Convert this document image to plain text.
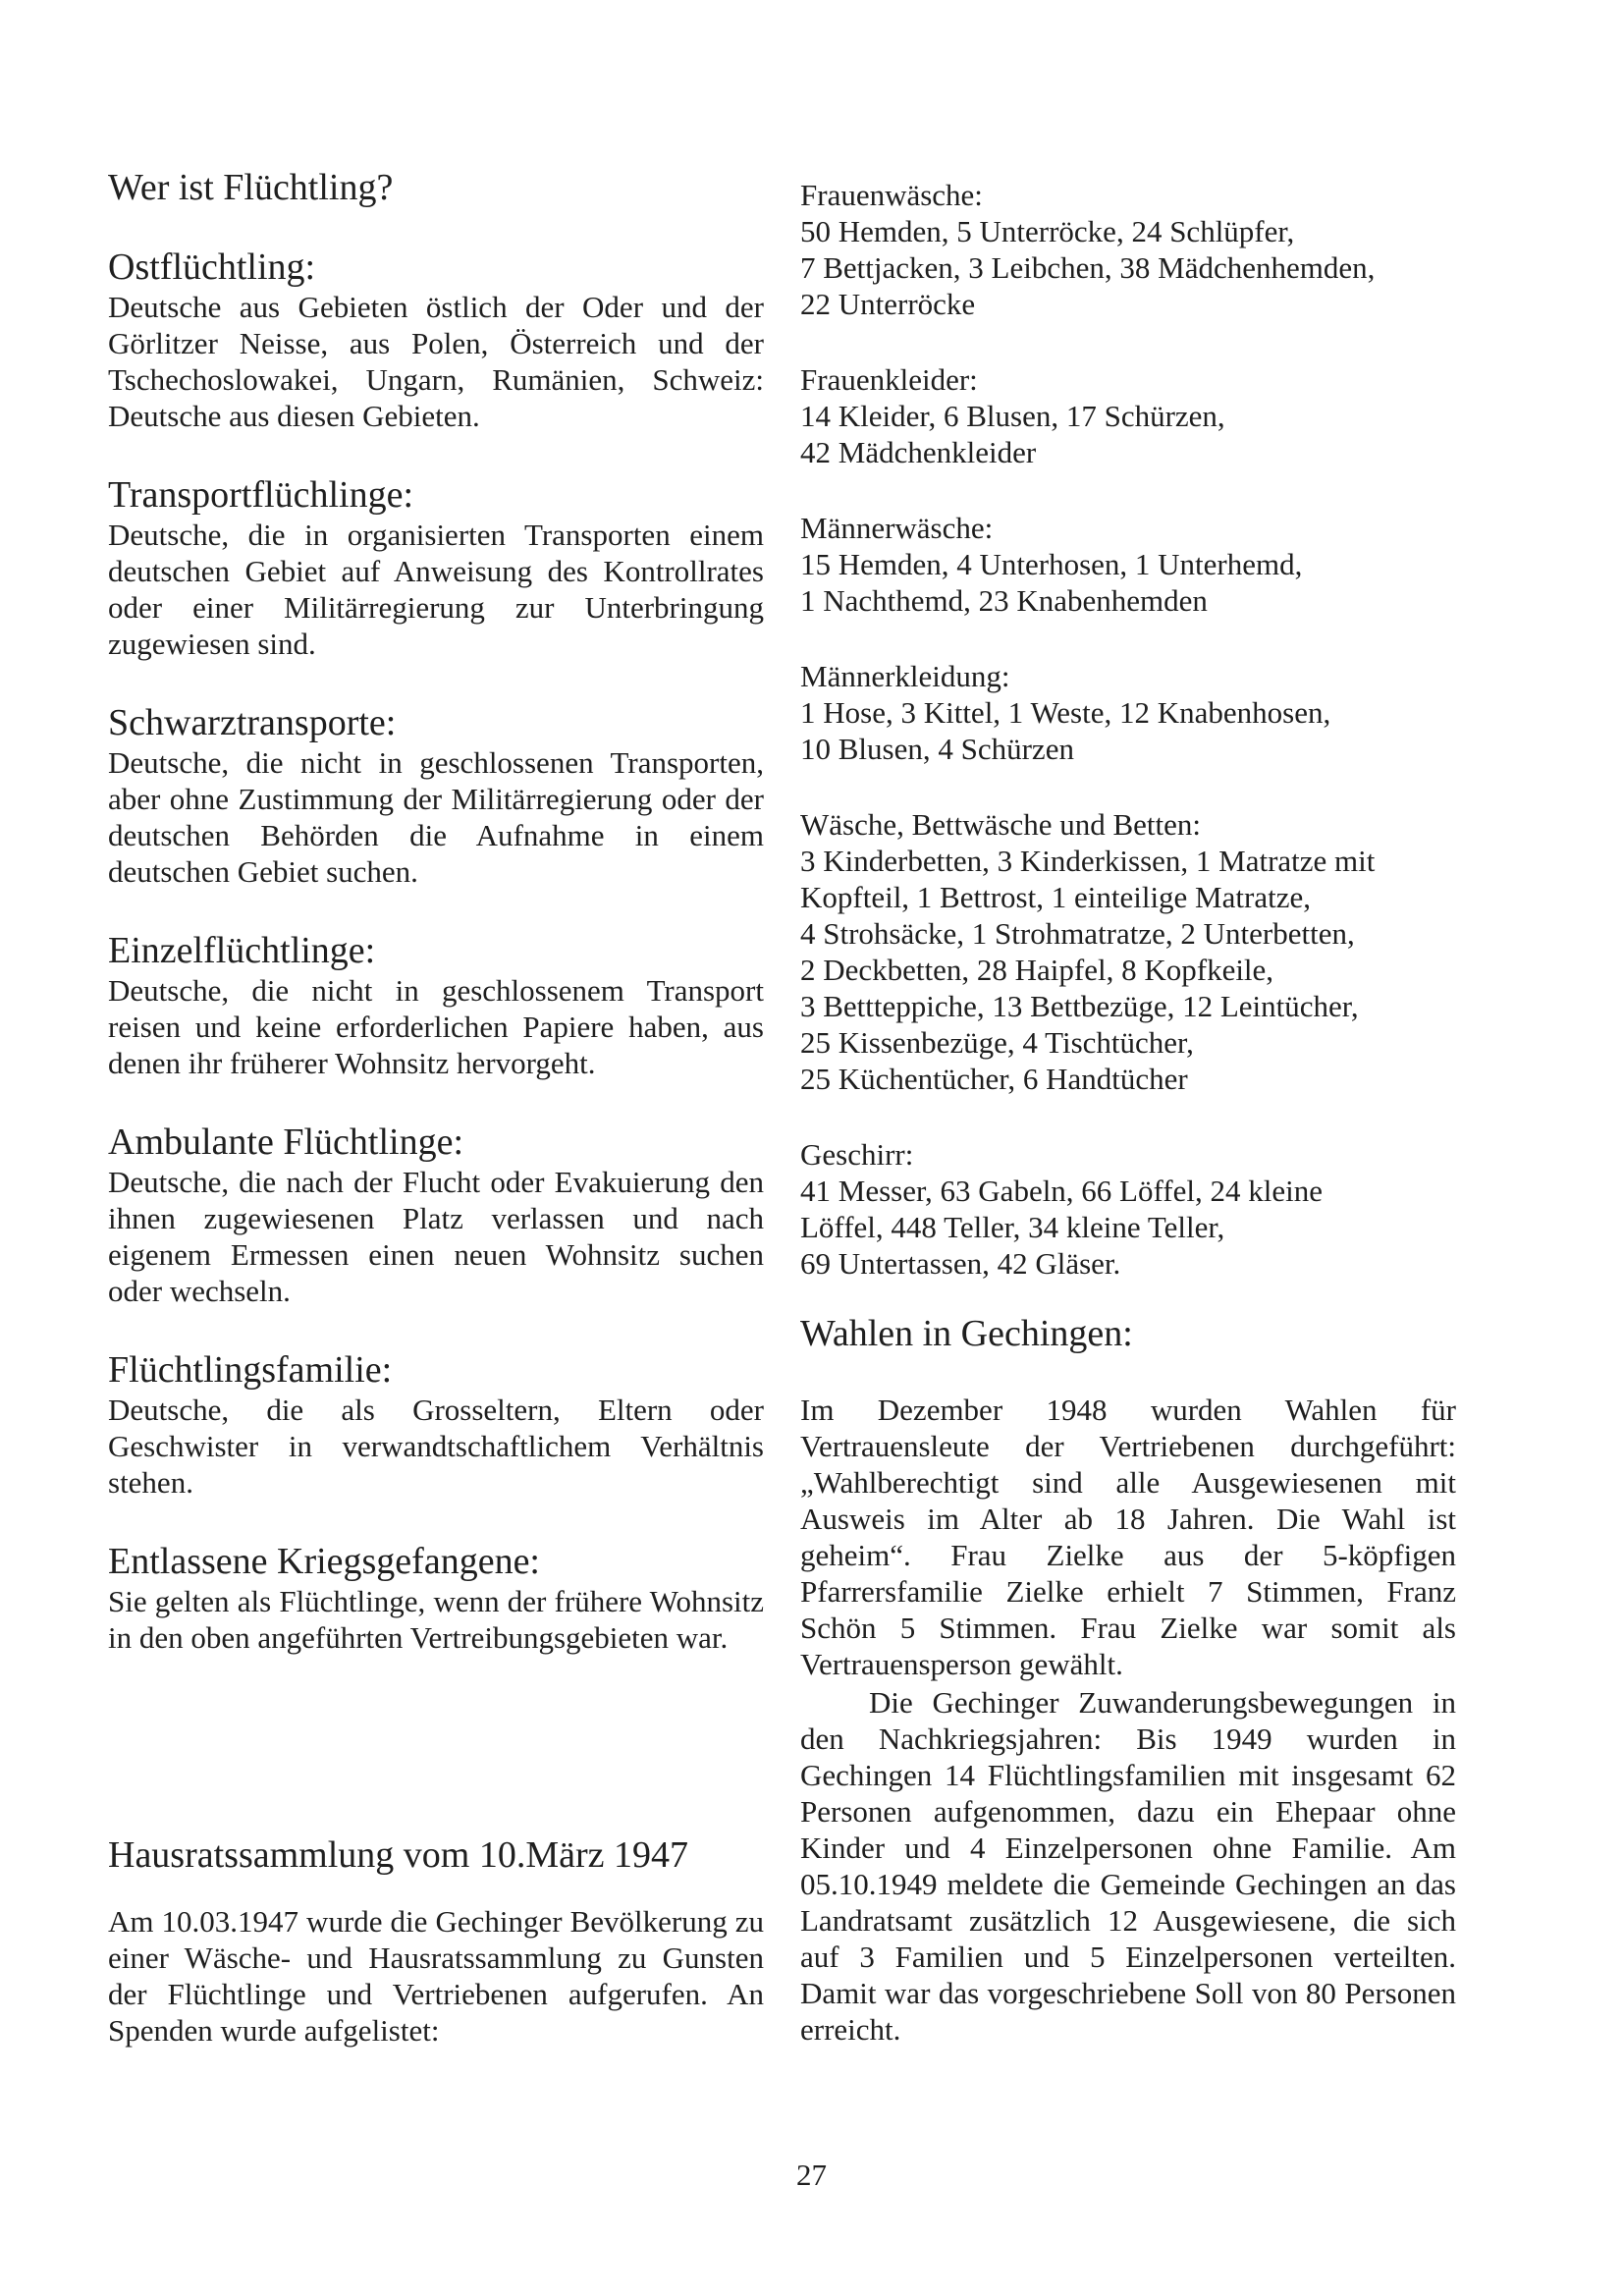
Wer ist Flüchtling?
Ostflüchtling:

Deutsche aus Gebieten östlich der Oder und der Görlitzer Neisse, aus Polen, Österreich und der Tschechoslowakei, Ungarn, Rumänien, Schweiz: Deutsche aus diesen Gebieten.

Transportflüchlinge:

Deutsche, die in organisierten Transporten einem deutschen Gebiet auf Anweisung des Kontrollrates oder einer Militärregierung zur Unterbringung zugewiesen sind.

Schwarztransporte:

Deutsche, die nicht in geschlossenen Transporten, aber ohne Zustimmung der Militärregierung oder der deutschen Behörden die Aufnahme in einem deutschen Gebiet suchen.

Einzelflüchtlinge:

Deutsche, die nicht in geschlossenem Transport reisen und keine erforderlichen Papiere haben, aus denen ihr früherer Wohnsitz hervorgeht.

Ambulante Flüchtlinge:

Deutsche, die nach der Flucht oder Evakuierung den ihnen zugewiesenen Platz verlassen und nach eigenem Ermessen einen neuen Wohnsitz suchen oder wechseln.

Flüchtlingsfamilie:

Deutsche, die als Grosseltern, Eltern oder Geschwister in verwandtschaftlichem Verhältnis stehen.

Entlassene Kriegsgefangene:

Sie gelten als Flüchtlinge, wenn der frühere Wohnsitz in den oben angeführten Vertreibungsgebieten war.

Hausratssammlung vom 10.März 1947

Am 10.03.1947 wurde die Gechinger Bevölkerung zu einer Wäsche- und Hausratssammlung zu Gunsten der Flüchtlinge und Vertriebenen aufgerufen. An Spenden wurde aufgelistet:

Frauenwäsche:

50 Hemden, 5 Unterröcke, 24 Schlüpfer,
7 Bettjacken, 3 Leibchen, 38 Mädchenhemden,
22 Unterröcke

Frauenkleider:

14 Kleider, 6 Blusen, 17 Schürzen,
42 Mädchenkleider

Männerwäsche:

15 Hemden, 4 Unterhosen, 1 Unterhemd,
1 Nachthemd, 23 Knabenhemden

Männerkleidung:

1 Hose, 3 Kittel, 1 Weste, 12 Knabenhosen,
10 Blusen, 4 Schürzen

Wäsche, Bettwäsche und Betten:

3 Kinderbetten, 3 Kinderkissen, 1 Matratze mit
Kopfteil, 1 Bettrost, 1 einteilige Matratze,
4 Strohsäcke, 1 Strohmatratze, 2 Unterbetten,
2 Deckbetten, 28 Haipfel, 8 Kopfkeile,
3 Bettteppiche, 13 Bettbezüge, 12 Leintücher,
25 Kissenbezüge, 4 Tischtücher,
25 Küchentücher, 6 Handtücher

Geschirr:

41 Messer, 63 Gabeln, 66 Löffel, 24 kleine
Löffel, 448 Teller, 34 kleine Teller,
69 Untertassen, 42 Gläser.

Wahlen in Gechingen:

Im Dezember 1948 wurden Wahlen für Vertrauensleute der Vertriebenen durchgeführt: „Wahlberechtigt sind alle Ausgewiesenen mit Ausweis im Alter ab 18 Jahren. Die Wahl ist geheim“. Frau Zielke aus der 5-köpfigen Pfarrersfamilie Zielke erhielt 7 Stimmen, Franz Schön 5 Stimmen. Frau Zielke war somit als Vertrauensperson gewählt.

Die Gechinger Zuwanderungsbewegungen in den Nachkriegsjahren: Bis 1949 wurden in Gechingen 14 Flüchtlingsfamilien mit insgesamt 62 Personen aufgenommen, dazu ein Ehepaar ohne Kinder und 4 Einzelpersonen ohne Familie. Am 05.10.1949 meldete die Gemeinde Gechingen an das Landratsamt zusätzlich 12 Ausgewiesene, die sich auf 3 Familien und 5 Einzelpersonen verteilten. Damit war das vorgeschriebene Soll von 80 Personen erreicht.

27
